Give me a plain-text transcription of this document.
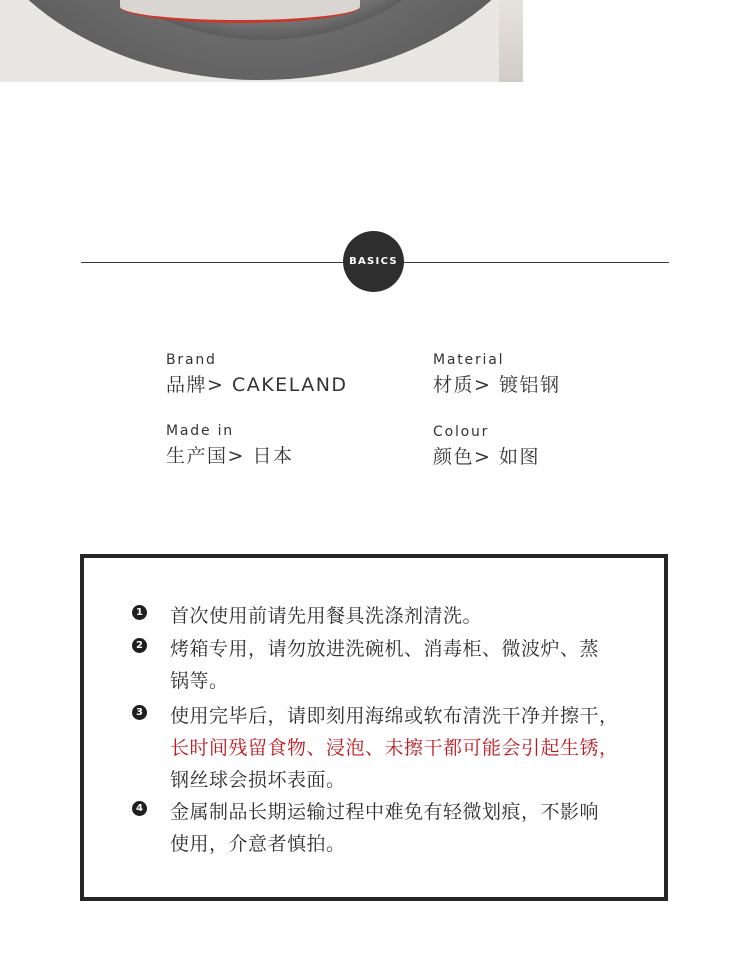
BASICS
Brand
品牌> CAKELAND
Material
材质> 镀铝钢
Made in
生产国> 日本
Colour
颜色> 如图
1 首次使用前请先用餐具洗涤剂清洗。
2 烤箱专用，请勿放进洗碗机、消毒柜、微波炉、蒸
锅等。
3 使用完毕后，请即刻用海绵或软布清洗干净并擦干，
长时间残留食物、浸泡、未擦干都可能会引起生锈，
钢丝球会损坏表面。
4 金属制品长期运输过程中难免有轻微划痕，不影响
使用，介意者慎拍。
